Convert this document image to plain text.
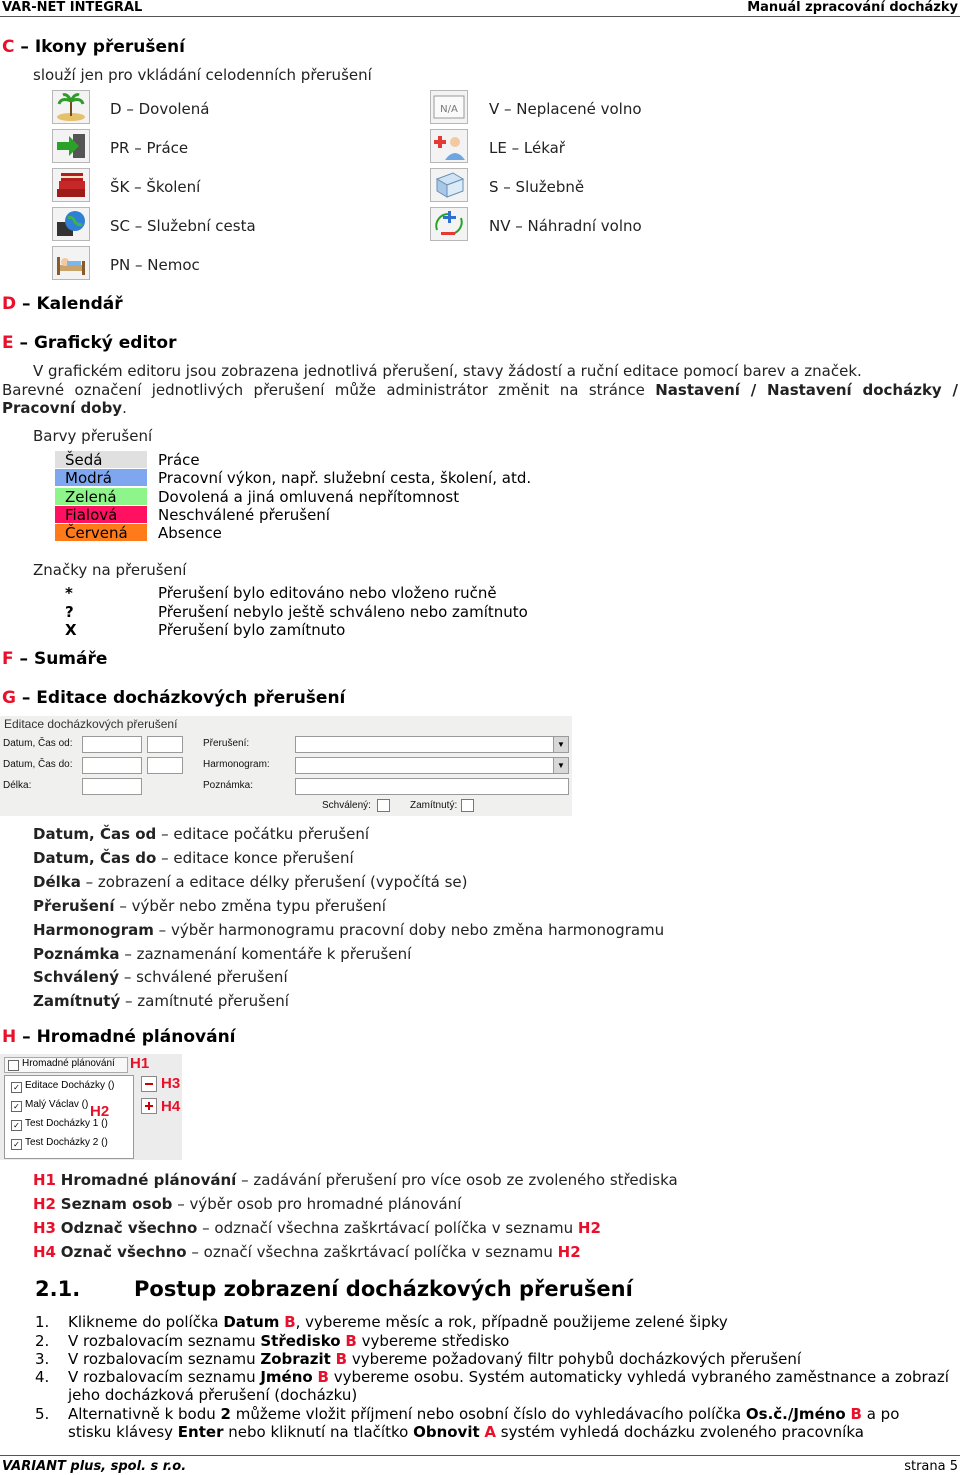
VAR-NET INTEGRAL	Manuál zpracování docházky
C – Ikony přerušení
slouží jen pro vkládání celodenních přerušení
D – Dovolená
PR – Práce
ŠK – Školení
SC – Služební cesta
PN – Nemoc
N/A V – Neplacené volno
LE – Lékař
S – Služebně
NV – Náhradní volno
D – Kalendář
E – Grafický editor
V grafickém editoru jsou zobrazena jednotlivá přerušení, stavy žádostí a ruční editace pomocí barev a značek.
Barevné označení jednotlivých přerušení může administrátor změnit na stránce Nastavení / Nastavení docházky /
Pracovní doby.
Barvy přerušení
Šedá	Práce
Modrá	Pracovní výkon, např. služební cesta, školení, atd.
Zelená	Dovolená a jiná omluvená nepřítomnost
Fialová	Neschválené přerušení
Červená	Absence
Značky na přerušení
*	Přerušení bylo editováno nebo vloženo ručně
?	Přerušení nebylo ještě schváleno nebo zamítnuto
X	Přerušení bylo zamítnuto
F – Sumáře
G – Editace docházkových přerušení
Editace docházkových přerušení
Datum, Čas od:
Datum, Čas do:
Délka:
Přerušení:	▼
Harmonogram:	▼
Poznámka:
Schválený:	Zamítnutý:
Datum, Čas od – editace počátku přerušení
Datum, Čas do – editace konce přerušení
Délka – zobrazení a editace délky přerušení (vypočítá se)
Přerušení – výběr nebo změna typu přerušení
Harmonogram – výběr harmonogramu pracovní doby nebo změna harmonogramu
Poznámka – zaznamenání komentáře k přerušení
Schválený – schválené přerušení
Zamítnutý – zamítnuté přerušení
H – Hromadné plánování
Hromadné plánování H1
✓ Editace Docházky ()
✓ Malý Václav ()
✓ Test Docházky 1 ()
✓ Test Docházky 2 ()
H2
H3
H4
H1 Hromadné plánování – zadávání přerušení pro více osob ze zvoleného střediska
H2 Seznam osob – výběr osob pro hromadné plánování
H3 Odznač všechno – odznačí všechna zaškrtávací políčka v seznamu H2
H4 Označ všechno – označí všechna zaškrtávací políčka v seznamu H2
2.1.	Postup zobrazení docházkových přerušení
1. Klikneme do políčka Datum B, vybereme měsíc a rok, případně použijeme zelené šipky
2. V rozbalovacím seznamu Středisko B vybereme středisko
3. V rozbalovacím seznamu Zobrazit B vybereme požadovaný filtr pohybů docházkových přerušení
4. V rozbalovacím seznamu Jméno B vybereme osobu. Systém automaticky vyhledá vybraného zaměstnance a zobrazí
jeho docházková přerušení (docházku)
5. Alternativně k bodu 2 můžeme vložit příjmení nebo osobní číslo do vyhledávacího políčka Os.č./Jméno B a po
stisku klávesy Enter nebo kliknutí na tlačítko Obnovit A systém vyhledá docházku zvoleného pracovníka
VARIANT plus, spol. s r.o.	strana 5
